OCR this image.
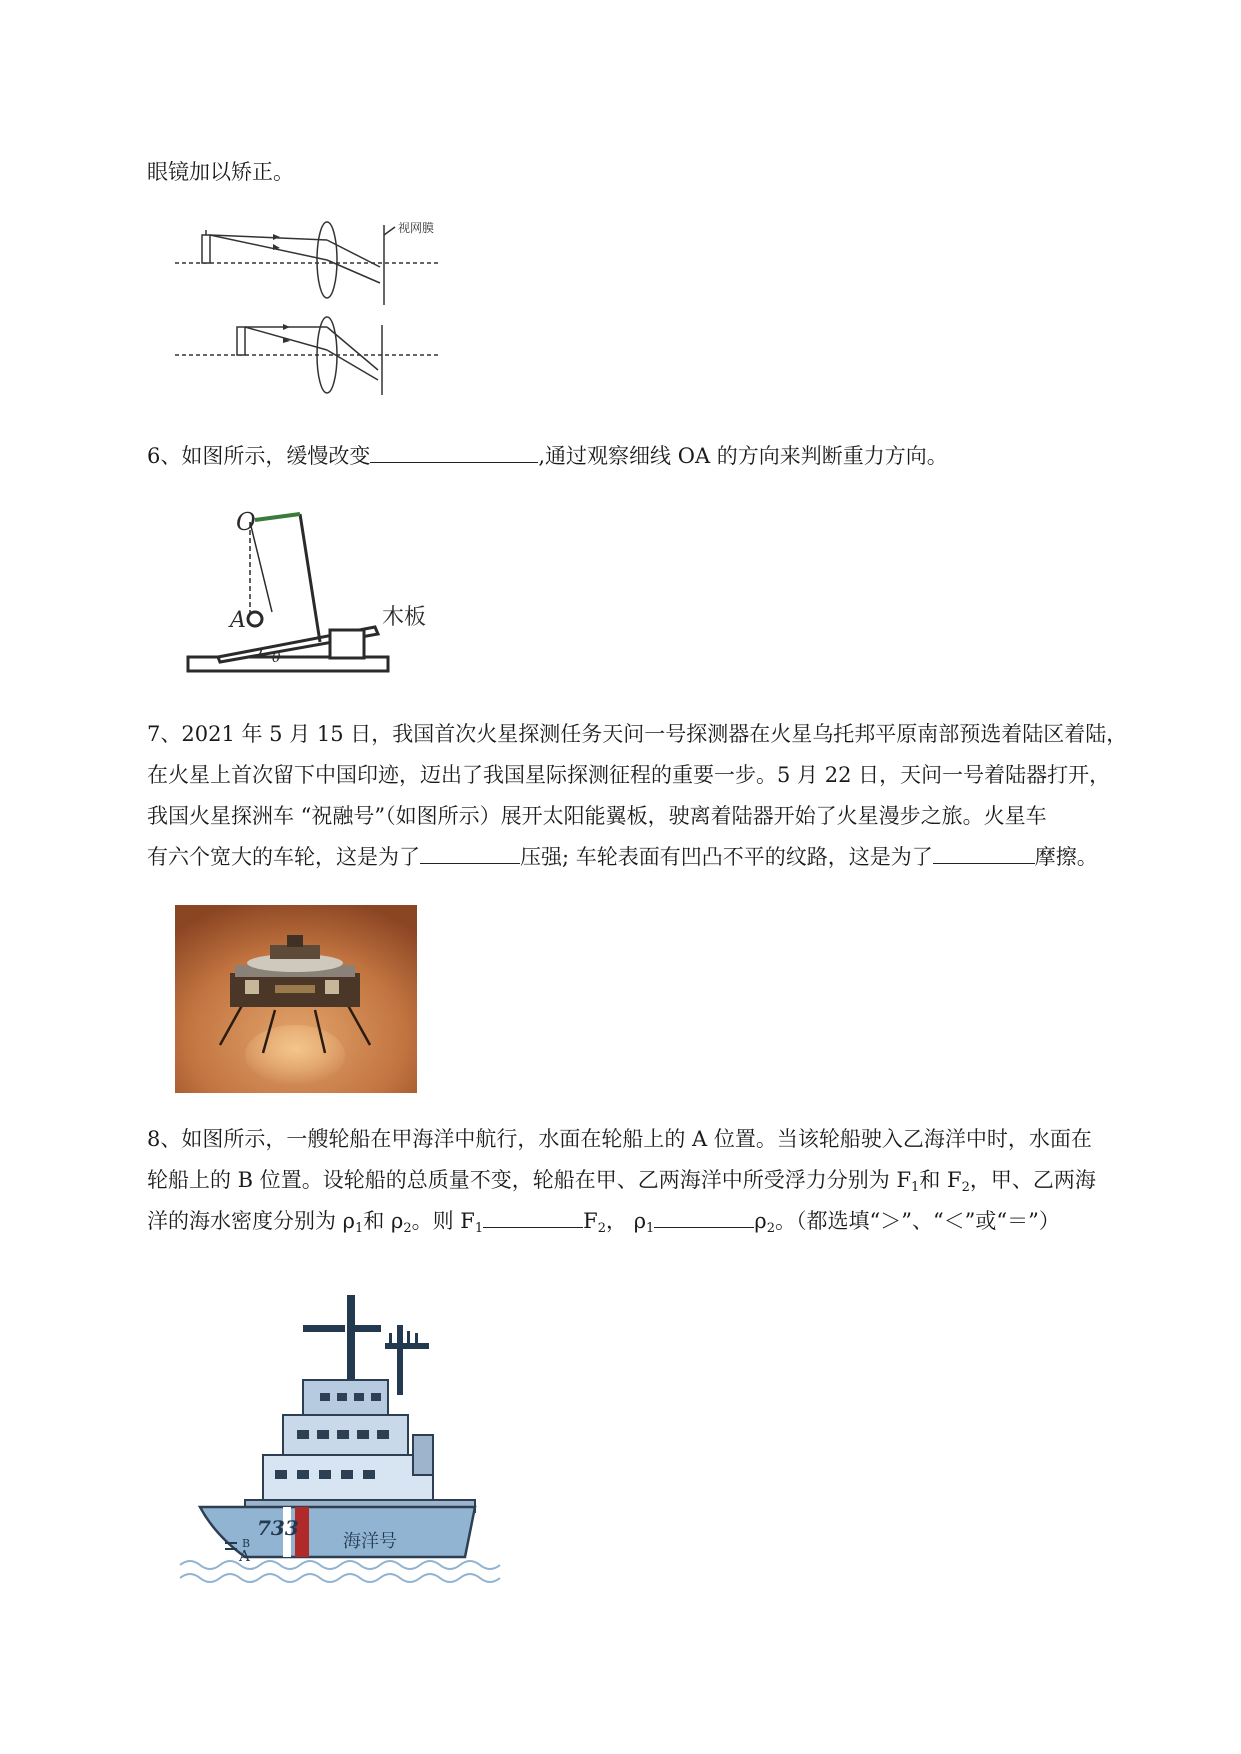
眼镜加以矫正。
视网膜
6、如图所示，缓慢改变	,通过观察细线 OA 的方向来判断重力方向。
O
A
θ
木板
7、2021 年 5 月 15 日，我国首次火星探测任务天问一号探测器在火星乌托邦平原南部预选着陆区着陆，
在火星上首次留下中国印迹，迈出了我国星际探测征程的重要一步。5 月 22 日，天问一号着陆器打开，
我国火星探洲车 “祝融号”（如图所示）展开太阳能翼板，驶离着陆器开始了火星漫步之旅。火星车
有六个宽大的车轮，这是为了	压强; 车轮表面有凹凸不平的纹路，这是为了	摩擦。
8、如图所示，一艘轮船在甲海洋中航行，水面在轮船上的 A 位置。当该轮船驶入乙海洋中时，水面在
轮船上的 B 位置。设轮船的总质量不变，轮船在甲、乙两海洋中所受浮力分别为 $F_1$和 $F_2$，甲、乙两海
洋的海水密度分别为 $\rho_1$和 $\rho_2$。则 $F_1$	$F_2$， $\rho_1$	$\rho_2$。（都选填“＞”、“＜”或“＝”）
733
海洋号
B
A
